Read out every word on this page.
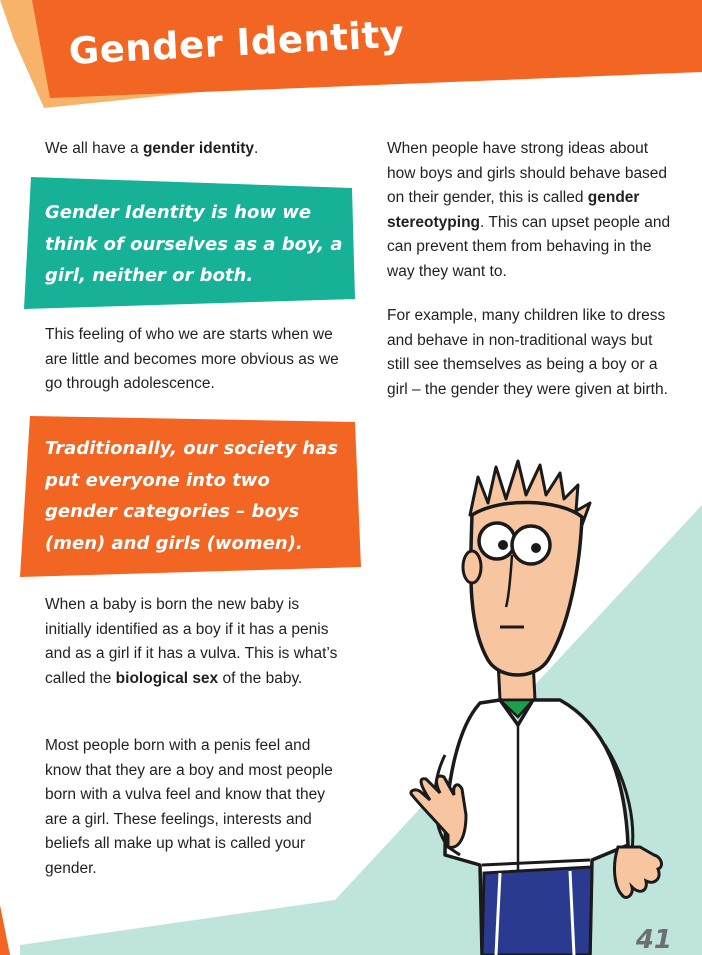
Gender Identity
We all have a gender identity.
Gender Identity is how we think of ourselves as a boy, a girl, neither or both.
This feeling of who we are starts when we are little and becomes more obvious as we go through adolescence.
Traditionally, our society has put everyone into two gender categories – boys (men) and girls (women).
When a baby is born the new baby is initially identified as a boy if it has a penis and as a girl if it has a vulva. This is what’s called the biological sex of the baby.
Most people born with a penis feel and know that they are a boy and most people born with a vulva feel and know that they are a girl. These feelings, interests and beliefs all make up what is called your gender.
When people have strong ideas about how boys and girls should behave based on their gender, this is called gender stereotyping. This can upset people and can prevent them from behaving in the way they want to.
For example, many children like to dress and behave in non-traditional ways but still see themselves as being a boy or a girl – the gender they were given at birth.
41
